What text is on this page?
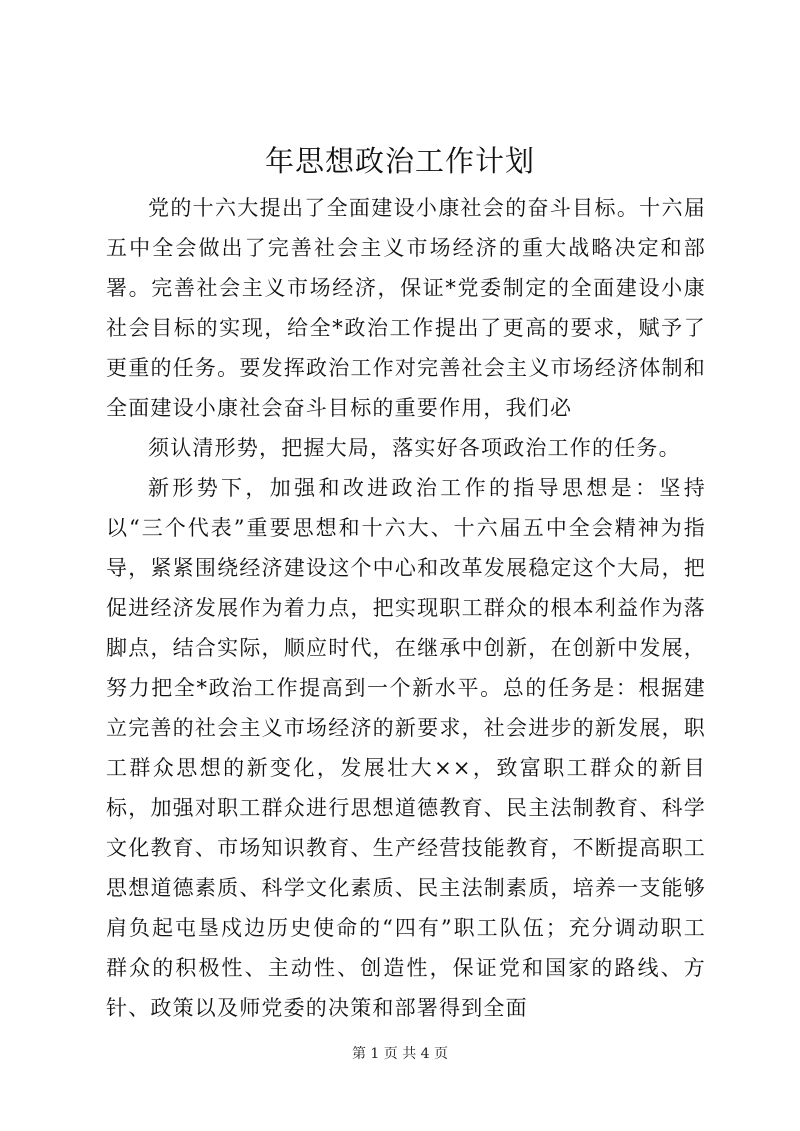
年思想政治工作计划

党的十六大提出了全面建设小康社会的奋斗目标。十六届五中全会做出了完善社会主义市场经济的重大战略决定和部署。完善社会主义市场经济，保证*党委制定的全面建设小康社会目标的实现，给全*政治工作提出了更高的要求，赋予了更重的任务。要发挥政治工作对完善社会主义市场经济体制和全面建设小康社会奋斗目标的重要作用，我们必

须认清形势，把握大局，落实好各项政治工作的任务。

新形势下，加强和改进政治工作的指导思想是：坚持以“三个代表”重要思想和十六大、十六届五中全会精神为指导，紧紧围绕经济建设这个中心和改革发展稳定这个大局，把促进经济发展作为着力点，把实现职工群众的根本利益作为落脚点，结合实际，顺应时代，在继承中创新，在创新中发展，努力把全*政治工作提高到一个新水平。总的任务是：根据建立完善的社会主义市场经济的新要求，社会进步的新发展，职工群众思想的新变化，发展壮大××，致富职工群众的新目标，加强对职工群众进行思想道德教育、民主法制教育、科学文化教育、市场知识教育、生产经营技能教育，不断提高职工思想道德素质、科学文化素质、民主法制素质，培养一支能够肩负起屯垦戍边历史使命的“四有”职工队伍；充分调动职工群众的积极性、主动性、创造性，保证党和国家的路线、方针、政策以及师党委的决策和部署得到全面

第 1 页 共 4 页
